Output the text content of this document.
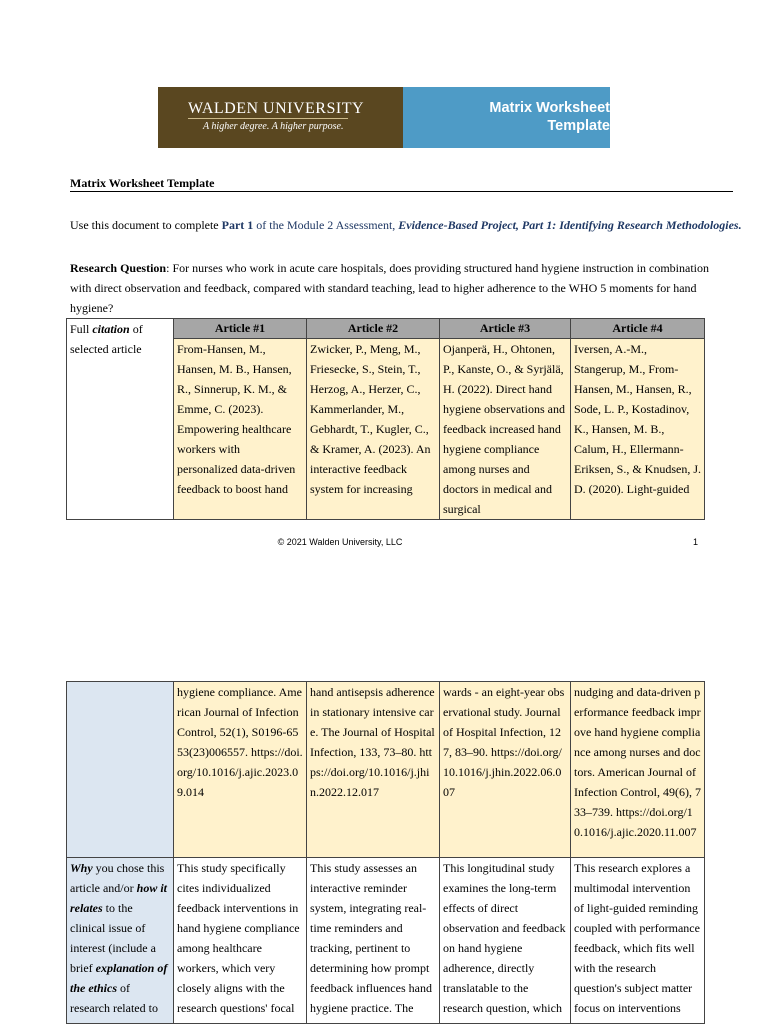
WALDEN UNIVERSITY
A higher degree. A higher purpose.
Matrix Worksheet
Template
Matrix Worksheet Template
Use this document to complete Part 1 of the Module 2 Assessment, Evidence-Based Project, Part 1: Identifying Research Methodologies.
Research Question: For nurses who work in acute care hospitals, does providing structured hand hygiene instruction in combination with direct observation and feedback, compared with standard teaching, lead to higher adherence to the WHO 5 moments for hand hygiene?
Full citation of selected article	Article #1	Article #2	Article #3	Article #4
	From-Hansen, M., Hansen, M. B., Hansen, R., Sinnerup, K. M., & Emme, C. (2023). Empowering healthcare workers with personalized data-driven feedback to boost hand	Zwicker, P., Meng, M., Friesecke, S., Stein, T., Herzog, A., Herzer, C., Kammerlander, M., Gebhardt, T., Kugler, C., & Kramer, A. (2023). An interactive feedback system for increasing	Ojanperä, H., Ohtonen, P., Kanste, O., & Syrjälä, H. (2022). Direct hand hygiene observations and feedback increased hand hygiene compliance among nurses and doctors in medical and surgical	Iversen, A.-M., Stangerup, M., From-Hansen, M., Hansen, R., Sode, L. P., Kostadinov, K., Hansen, M. B., Calum, H., Ellermann-Eriksen, S., & Knudsen, J. D. (2020). Light-guided
© 2021 Walden University, LLC	1
	hygiene compliance. American Journal of Infection Control, 52(1), S0196-6553(23)006557. https://doi.org/10.1016/j.ajic.2023.09.014	hand antisepsis adherence in stationary intensive care. The Journal of Hospital Infection, 133, 73–80. https://doi.org/10.1016/j.jhin.2022.12.017	wards - an eight-year observational study. Journal of Hospital Infection, 127, 83–90. https://doi.org/10.1016/j.jhin.2022.06.007	nudging and data-driven performance feedback improve hand hygiene compliance among nurses and doctors. American Journal of Infection Control, 49(6), 733–739. https://doi.org/10.1016/j.ajic.2020.11.007
Why you chose this article and/or how it relates to the clinical issue of interest (include a brief explanation of the ethics of research related to	This study specifically cites individualized feedback interventions in hand hygiene compliance among healthcare workers, which very closely aligns with the research questions' focal	This study assesses an interactive reminder system, integrating real-time reminders and tracking, pertinent to determining how prompt feedback influences hand hygiene practice. The	This longitudinal study examines the long-term effects of direct observation and feedback on hand hygiene adherence, directly translatable to the research question, which	This research explores a multimodal intervention of light-guided reminding coupled with performance feedback, which fits well with the research question's subject matter focus on interventions
